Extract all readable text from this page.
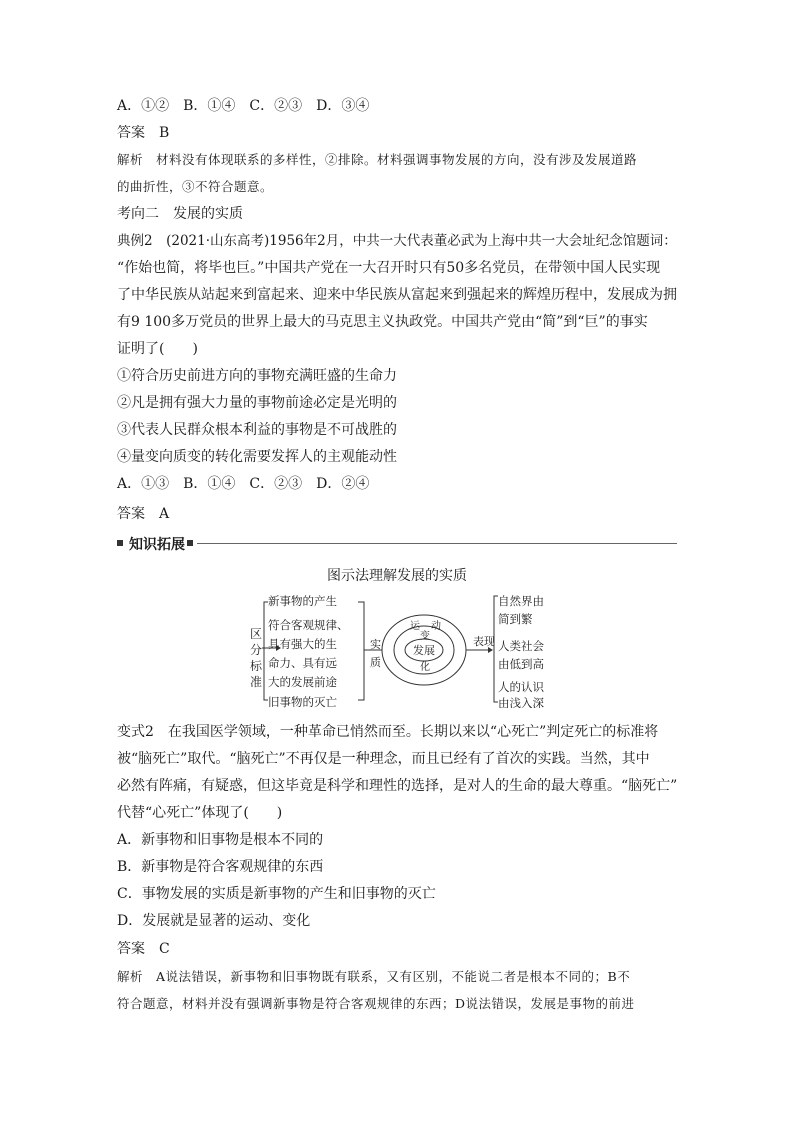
A．①②　B．①④　C．②③　D．③④
答案　B
解析　材料没有体现联系的多样性，②排除。材料强调事物发展的方向，没有涉及发展道路
的曲折性，③不符合题意。
考向二　发展的实质
典例2　(2021·山东高考)1956年2月，中共一大代表董必武为上海中共一大会址纪念馆题词：
“作始也简，将毕也巨。”中国共产党在一大召开时只有50多名党员，在带领中国人民实现
了中华民族从站起来到富起来、迎来中华民族从富起来到强起来的辉煌历程中，发展成为拥
有9 100多万党员的世界上最大的马克思主义执政党。中国共产党由“简”到“巨”的事实
证明了(　　)
①符合历史前进方向的事物充满旺盛的生命力
②凡是拥有强大力量的事物前途必定是光明的
③代表人民群众根本利益的事物是不可战胜的
④量变向质变的转化需要发挥人的主观能动性
A．①③　B．①④　C．②③　D．②④
答案　A
知识拓展
图示法理解发展的实质
区
分
标
准
新事物的产生
符合客观规律、
具有强大的生
命力、具有远
大的发展前途
旧事物的灭亡
实
质
运 动
变
发展
化
表现
自然界由
简到繁
人类社会
由低到高
人的认识
由浅入深
变式2　在我国医学领域，一种革命已悄然而至。长期以来以“心死亡”判定死亡的标准将
被“脑死亡”取代。“脑死亡”不再仅是一种理念，而且已经有了首次的实践。当然，其中
必然有阵痛，有疑惑，但这毕竟是科学和理性的选择，是对人的生命的最大尊重。“脑死亡”
代替“心死亡”体现了(　　)
A．新事物和旧事物是根本不同的
B．新事物是符合客观规律的东西
C．事物发展的实质是新事物的产生和旧事物的灭亡
D．发展就是显著的运动、变化
答案　C
解析　A说法错误，新事物和旧事物既有联系，又有区别，不能说二者是根本不同的；B不
符合题意，材料并没有强调新事物是符合客观规律的东西；D说法错误，发展是事物的前进
